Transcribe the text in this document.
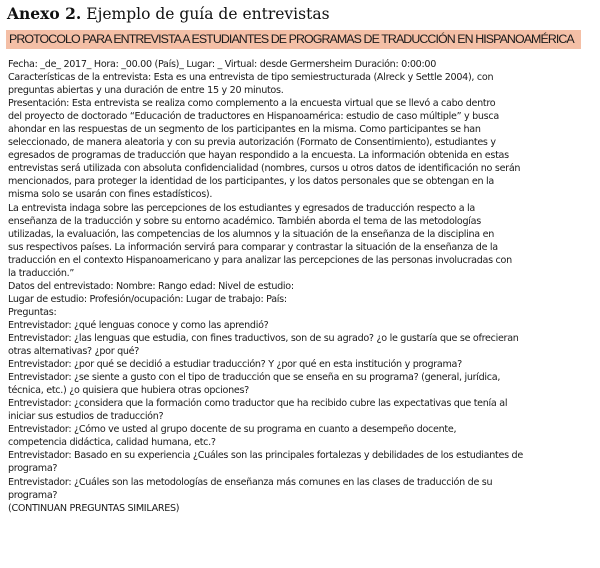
Anexo 2. Ejemplo de guía de entrevistas
PROTOCOLO PARA ENTREVISTA A ESTUDIANTES DE PROGRAMAS DE TRADUCCIÓN EN HISPANOAMÉRICA
Fecha: _de_ 2017_ Hora: _00.00 (País)_ Lugar: _ Virtual: desde Germersheim Duración: 0:00:00
Características de la entrevista: Esta es una entrevista de tipo semiestructurada (Alreck y Settle 2004), con
preguntas abiertas y una duración de entre 15 y 20 minutos.
Presentación: Esta entrevista se realiza como complemento a la encuesta virtual que se llevó a cabo dentro
del proyecto de doctorado “Educación de traductores en Hispanoamérica: estudio de caso múltiple” y busca
ahondar en las respuestas de un segmento de los participantes en la misma. Como participantes se han
seleccionado, de manera aleatoria y con su previa autorización (Formato de Consentimiento), estudiantes y
egresados de programas de traducción que hayan respondido a la encuesta. La información obtenida en estas
entrevistas será utilizada con absoluta confidencialidad (nombres, cursos u otros datos de identificación no serán
mencionados, para proteger la identidad de los participantes, y los datos personales que se obtengan en la
misma solo se usarán con fines estadísticos).
La entrevista indaga sobre las percepciones de los estudiantes y egresados de traducción respecto a la
enseñanza de la traducción y sobre su entorno académico. También aborda el tema de las metodologías
utilizadas, la evaluación, las competencias de los alumnos y la situación de la enseñanza de la disciplina en
sus respectivos países. La información servirá para comparar y contrastar la situación de la enseñanza de la
traducción en el contexto Hispanoamericano y para analizar las percepciones de las personas involucradas con
la traducción.”
Datos del entrevistado: Nombre: Rango edad: Nivel de estudio:
Lugar de estudio: Profesión/ocupación: Lugar de trabajo: País:
Preguntas:
Entrevistador: ¿qué lenguas conoce y como las aprendió?
Entrevistador: ¿las lenguas que estudia, con fines traductivos, son de su agrado? ¿o le gustaría que se ofrecieran
otras alternativas? ¿por qué?
Entrevistador: ¿por qué se decidió a estudiar traducción? Y ¿por qué en esta institución y programa?
Entrevistador: ¿se siente a gusto con el tipo de traducción que se enseña en su programa? (general, jurídica,
técnica, etc.) ¿o quisiera que hubiera otras opciones?
Entrevistador: ¿considera que la formación como traductor que ha recibido cubre las expectativas que tenía al
iniciar sus estudios de traducción?
Entrevistador: ¿Cómo ve usted al grupo docente de su programa en cuanto a desempeño docente,
competencia didáctica, calidad humana, etc.?
Entrevistador: Basado en su experiencia ¿Cuáles son las principales fortalezas y debilidades de los estudiantes de
programa?
Entrevistador: ¿Cuáles son las metodologías de enseñanza más comunes en las clases de traducción de su
programa?
(CONTINUAN PREGUNTAS SIMILARES)
